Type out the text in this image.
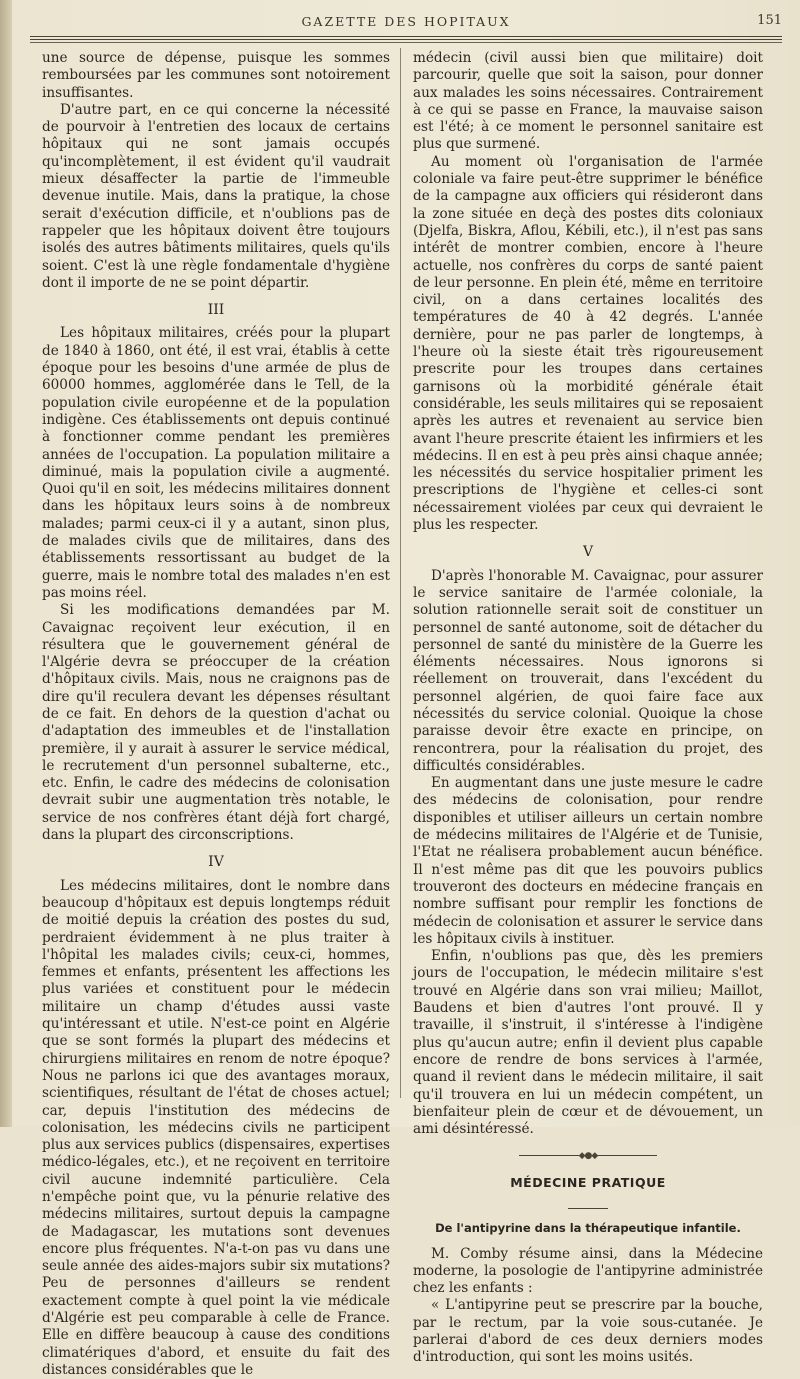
GAZETTE DES HOPITAUX	151

une source de dépense, puisque les sommes remboursées par les communes sont notoirement insuffisantes.

D'autre part, en ce qui concerne la nécessité de pourvoir à l'entretien des locaux de certains hôpitaux qui ne sont jamais occupés qu'incomplètement, il est évident qu'il vaudrait mieux désaffecter la partie de l'immeuble devenue inutile. Mais, dans la pratique, la chose serait d'exécution difficile, et n'oublions pas de rappeler que les hôpitaux doivent être toujours isolés des autres bâtiments militaires, quels qu'ils soient. C'est là une règle fondamentale d'hygiène dont il importe de ne se point départir.

III

Les hôpitaux militaires, créés pour la plupart de 1840 à 1860, ont été, il est vrai, établis à cette époque pour les besoins d'une armée de plus de 60000 hommes, agglomérée dans le Tell, de la population civile européenne et de la population indigène. Ces établissements ont depuis continué à fonctionner comme pendant les premières années de l'occupation. La population militaire a diminué, mais la population civile a augmenté. Quoi qu'il en soit, les médecins militaires donnent dans les hôpitaux leurs soins à de nombreux malades; parmi ceux-ci il y a autant, sinon plus, de malades civils que de militaires, dans des établissements ressortissant au budget de la guerre, mais le nombre total des malades n'en est pas moins réel.

Si les modifications demandées par M. Cavaignac reçoivent leur exécution, il en résultera que le gouvernement général de l'Algérie devra se préoccuper de la création d'hôpitaux civils. Mais, nous ne craignons pas de dire qu'il reculera devant les dépenses résultant de ce fait. En dehors de la question d'achat ou d'adaptation des immeubles et de l'installation première, il y aurait à assurer le service médical, le recrutement d'un personnel subalterne, etc., etc. Enfin, le cadre des médecins de colonisation devrait subir une augmentation très notable, le service de nos confrères étant déjà fort chargé, dans la plupart des circonscriptions.

IV

Les médecins militaires, dont le nombre dans beaucoup d'hôpitaux est depuis longtemps réduit de moitié depuis la création des postes du sud, perdraient évidemment à ne plus traiter à l'hôpital les malades civils; ceux-ci, hommes, femmes et enfants, présentent les affections les plus variées et constituent pour le médecin militaire un champ d'études aussi vaste qu'intéressant et utile. N'est-ce point en Algérie que se sont formés la plupart des médecins et chirurgiens militaires en renom de notre époque? Nous ne parlons ici que des avantages moraux, scientifiques, résultant de l'état de choses actuel; car, depuis l'institution des médecins de colonisation, les médecins civils ne participent plus aux services publics (dispensaires, expertises médico-légales, etc.), et ne reçoivent en territoire civil aucune indemnité particulière. Cela n'empêche point que, vu la pénurie relative des médecins militaires, surtout depuis la campagne de Madagascar, les mutations sont devenues encore plus fréquentes. N'a-t-on pas vu dans une seule année des aides-majors subir six mutations? Peu de personnes d'ailleurs se rendent exactement compte à quel point la vie médicale d'Algérie est peu comparable à celle de France. Elle en diffère beaucoup à cause des conditions climatériques d'abord, et ensuite du fait des distances considérables que le

médecin (civil aussi bien que militaire) doit parcourir, quelle que soit la saison, pour donner aux malades les soins nécessaires. Contrairement à ce qui se passe en France, la mauvaise saison est l'été; à ce moment le personnel sanitaire est plus que surmené.

Au moment où l'organisation de l'armée coloniale va faire peut-être supprimer le bénéfice de la campagne aux officiers qui résideront dans la zone située en deçà des postes dits coloniaux (Djelfa, Biskra, Aflou, Kébili, etc.), il n'est pas sans intérêt de montrer combien, encore à l'heure actuelle, nos confrères du corps de santé paient de leur personne. En plein été, même en territoire civil, on a dans certaines localités des températures de 40 à 42 degrés. L'année dernière, pour ne pas parler de longtemps, à l'heure où la sieste était très rigoureusement prescrite pour les troupes dans certaines garnisons où la morbidité générale était considérable, les seuls militaires qui se reposaient après les autres et revenaient au service bien avant l'heure prescrite étaient les infirmiers et les médecins. Il en est à peu près ainsi chaque année; les nécessités du service hospitalier priment les prescriptions de l'hygiène et celles-ci sont nécessairement violées par ceux qui devraient le plus les respecter.

V

D'après l'honorable M. Cavaignac, pour assurer le service sanitaire de l'armée coloniale, la solution rationnelle serait soit de constituer un personnel de santé autonome, soit de détacher du personnel de santé du ministère de la Guerre les éléments nécessaires. Nous ignorons si réellement on trouverait, dans l'excédent du personnel algérien, de quoi faire face aux nécessités du service colonial. Quoique la chose paraisse devoir être exacte en principe, on rencontrera, pour la réalisation du projet, des difficultés considérables.

En augmentant dans une juste mesure le cadre des médecins de colonisation, pour rendre disponibles et utiliser ailleurs un certain nombre de médecins militaires de l'Algérie et de Tunisie, l'Etat ne réalisera probablement aucun bénéfice. Il n'est même pas dit que les pouvoirs publics trouveront des docteurs en médecine français en nombre suffisant pour remplir les fonctions de médecin de colonisation et assurer le service dans les hôpitaux civils à instituer.

Enfin, n'oublions pas que, dès les premiers jours de l'occupation, le médecin militaire s'est trouvé en Algérie dans son vrai milieu; Maillot, Baudens et bien d'autres l'ont prouvé. Il y travaille, il s'instruit, il s'intéresse à l'indigène plus qu'aucun autre; enfin il devient plus capable encore de rendre de bons services à l'armée, quand il revient dans le médecin militaire, il sait qu'il trouvera en lui un médecin compétent, un bienfaiteur plein de cœur et de dévouement, un ami désintéressé.

◆●◆
MÉDECINE PRATIQUE
De l'antipyrine dans la thérapeutique infantile.

M. Comby résume ainsi, dans la Médecine moderne, la posologie de l'antipyrine administrée chez les enfants :

« L'antipyrine peut se prescrire par la bouche, par le rectum, par la voie sous-cutanée. Je parlerai d'abord de ces deux derniers modes d'introduction, qui sont les moins usités.
